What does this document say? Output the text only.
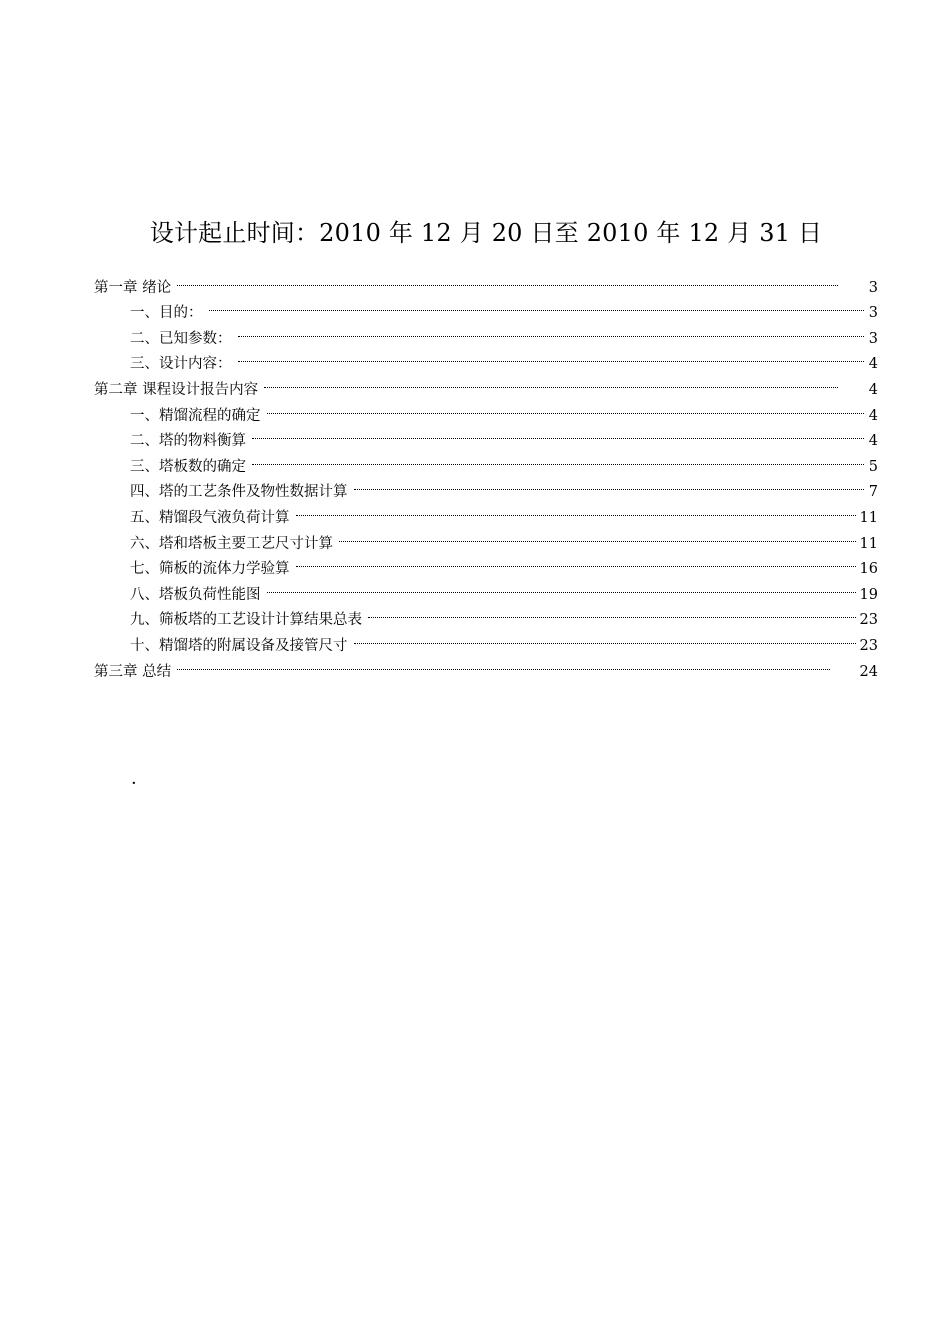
设计起止时间：2010 年 12 月 20 日至 2010 年 12 月 31 日
第一章 绪论	3
一、目的：	3
二、已知参数：	3
三、设计内容：	4
第二章 课程设计报告内容	4
一、精馏流程的确定	4
二、塔的物料衡算	4
三、塔板数的确定	5
四、塔的工艺条件及物性数据计算	7
五、精馏段气液负荷计算	11
六、塔和塔板主要工艺尺寸计算	11
七、筛板的流体力学验算	16
八、塔板负荷性能图	19
九、筛板塔的工艺设计计算结果总表	23
十、精馏塔的附属设备及接管尺寸	23
第三章 总结	24
·
